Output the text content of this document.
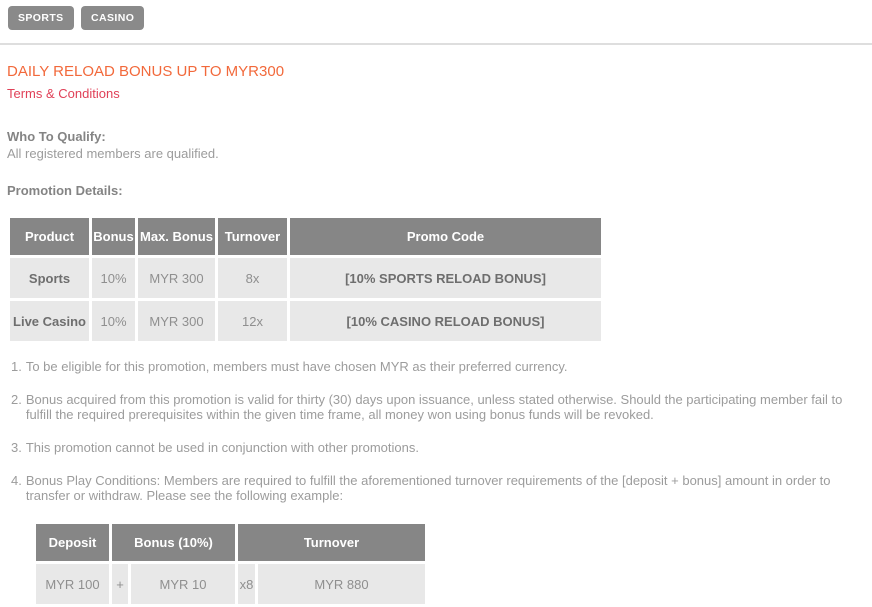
SPORTS	CASINO
DAILY RELOAD BONUS UP TO MYR300
Terms & Conditions
Who To Qualify:
All registered members are qualified.
Promotion Details:
Product	Bonus	Max. Bonus	Turnover	Promo Code
Sports	10%	MYR 300	8x	[10% SPORTS RELOAD BONUS]
Live Casino	10%	MYR 300	12x	[10% CASINO RELOAD BONUS]
1. To be eligible for this promotion, members must have chosen MYR as their preferred currency.
2. Bonus acquired from this promotion is valid for thirty (30) days upon issuance, unless stated otherwise. Should the participating member fail to fulfill the required prerequisites within the given time frame, all money won using bonus funds will be revoked.
3. This promotion cannot be used in conjunction with other promotions.
4. Bonus Play Conditions: Members are required to fulfill the aforementioned turnover requirements of the [deposit + bonus] amount in order to transfer or withdraw. Please see the following example:
Deposit	Bonus (10%)		Turnover	
MYR 100	+	MYR 10	x8	MYR 880
